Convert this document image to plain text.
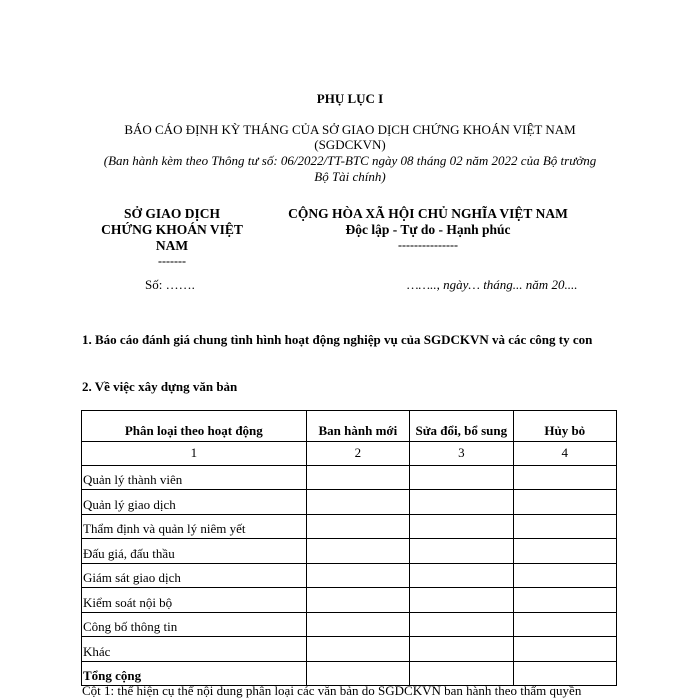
PHỤ LỤC I
BÁO CÁO ĐỊNH KỲ THÁNG CỦA SỞ GIAO DỊCH CHỨNG KHOÁN VIỆT NAM
(SGDCKVN)
(Ban hành kèm theo Thông tư số: 06/2022/TT-BTC ngày 08 tháng 02 năm 2022 của Bộ trưởng
Bộ Tài chính)
SỞ GIAO DỊCH
CHỨNG KHOÁN VIỆT
NAM
-------
CỘNG HÒA XÃ HỘI CHỦ NGHĨA VIỆT NAM
Độc lập - Tự do - Hạnh phúc
---------------
Số: …….	…….., ngày… tháng... năm 20....
1. Báo cáo đánh giá chung tình hình hoạt động nghiệp vụ của SGDCKVN và các công ty con
2. Về việc xây dựng văn bản
Phân loại theo hoạt động	Ban hành mới	Sửa đổi, bổ sung	Hủy bỏ
1	2	3	4
Quản lý thành viên			
Quản lý giao dịch			
Thẩm định và quản lý niêm yết			
Đấu giá, đấu thầu			
Giám sát giao dịch			
Kiểm soát nội bộ			
Công bố thông tin			
Khác			
Tổng cộng			
Cột 1: thể hiện cụ thể nội dung phân loại các văn bản do SGDCKVN ban hành theo thẩm quyền
